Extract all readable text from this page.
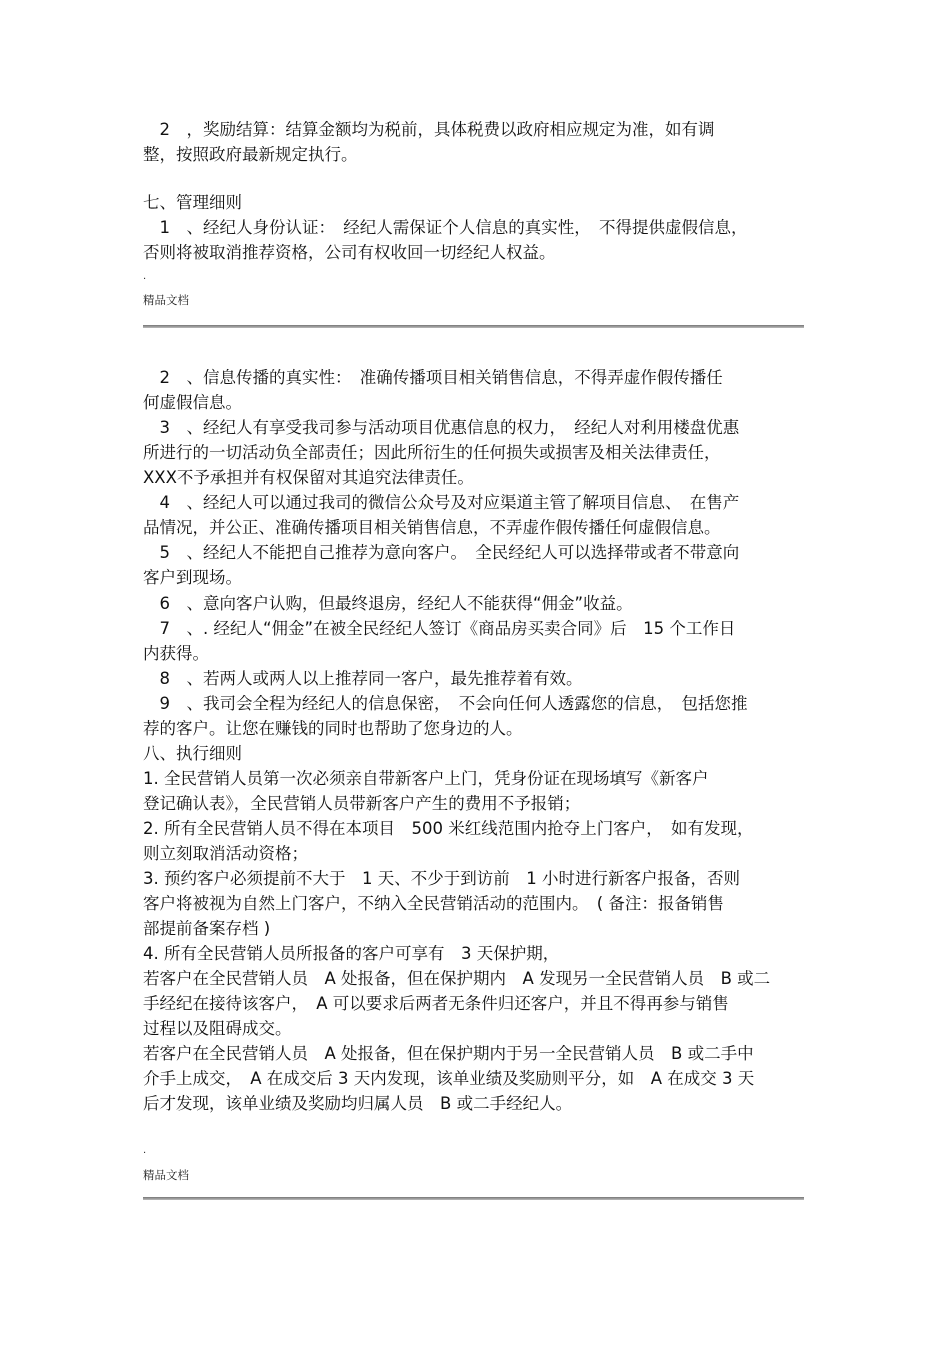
　2　，奖励结算：结算金额均为税前，具体税费以政府相应规定为准，如有调
整，按照政府最新规定执行。
七、管理细则
　1　、经纪人身份认证：　经纪人需保证个人信息的真实性，　不得提供虚假信息，
否则将被取消推荐资格，公司有权收回一切经纪人权益。
.
精品文档
　2　、信息传播的真实性：　准确传播项目相关销售信息，不得弄虚作假传播任
何虚假信息。
　3　、经纪人有享受我司参与活动项目优惠信息的权力，　经纪人对利用楼盘优惠
所进行的一切活动负全部责任；因此所衍生的任何损失或损害及相关法律责任，
XXX不予承担并有权保留对其追究法律责任。
　4　、经纪人可以通过我司的微信公众号及对应渠道主管了解项目信息、　在售产
品情况，并公正、准确传播项目相关销售信息，不弄虚作假传播任何虚假信息。
　5　、经纪人不能把自己推荐为意向客户。　全民经纪人可以选择带或者不带意向
客户到现场。
　6　、意向客户认购，但最终退房，经纪人不能获得“佣金”收益。
　7　、. 经纪人“佣金”在被全民经纪人签订《商品房买卖合同》后　15 个工作日
内获得。
　8　、若两人或两人以上推荐同一客户，最先推荐着有效。
　9　、我司会全程为经纪人的信息保密，　不会向任何人透露您的信息，　包括您推
荐的客户。让您在赚钱的同时也帮助了您身边的人。
八、执行细则
1. 全民营销人员第一次必须亲自带新客户上门，凭身份证在现场填写《新客户
登记确认表》，全民营销人员带新客户产生的费用不予报销；
2. 所有全民营销人员不得在本项目　500 米红线范围内抢夺上门客户，　如有发现，
则立刻取消活动资格；
3. 预约客户必须提前不大于　1 天、不少于到访前　1 小时进行新客户报备，否则
客户将被视为自然上门客户，不纳入全民营销活动的范围内。　( 备注：报备销售
部提前备案存档 )
4. 所有全民营销人员所报备的客户可享有　3 天保护期，
若客户在全民营销人员　A 处报备，但在保护期内　A 发现另一全民营销人员　B 或二
手经纪在接待该客户，　A 可以要求后两者无条件归还客户，并且不得再参与销售
过程以及阻碍成交。
若客户在全民营销人员　A 处报备，但在保护期内于另一全民营销人员　B 或二手中
介手上成交，　A 在成交后 3 天内发现，该单业绩及奖励则平分，如　A 在成交 3 天
后才发现，该单业绩及奖励均归属人员　B 或二手经纪人。
.
精品文档
